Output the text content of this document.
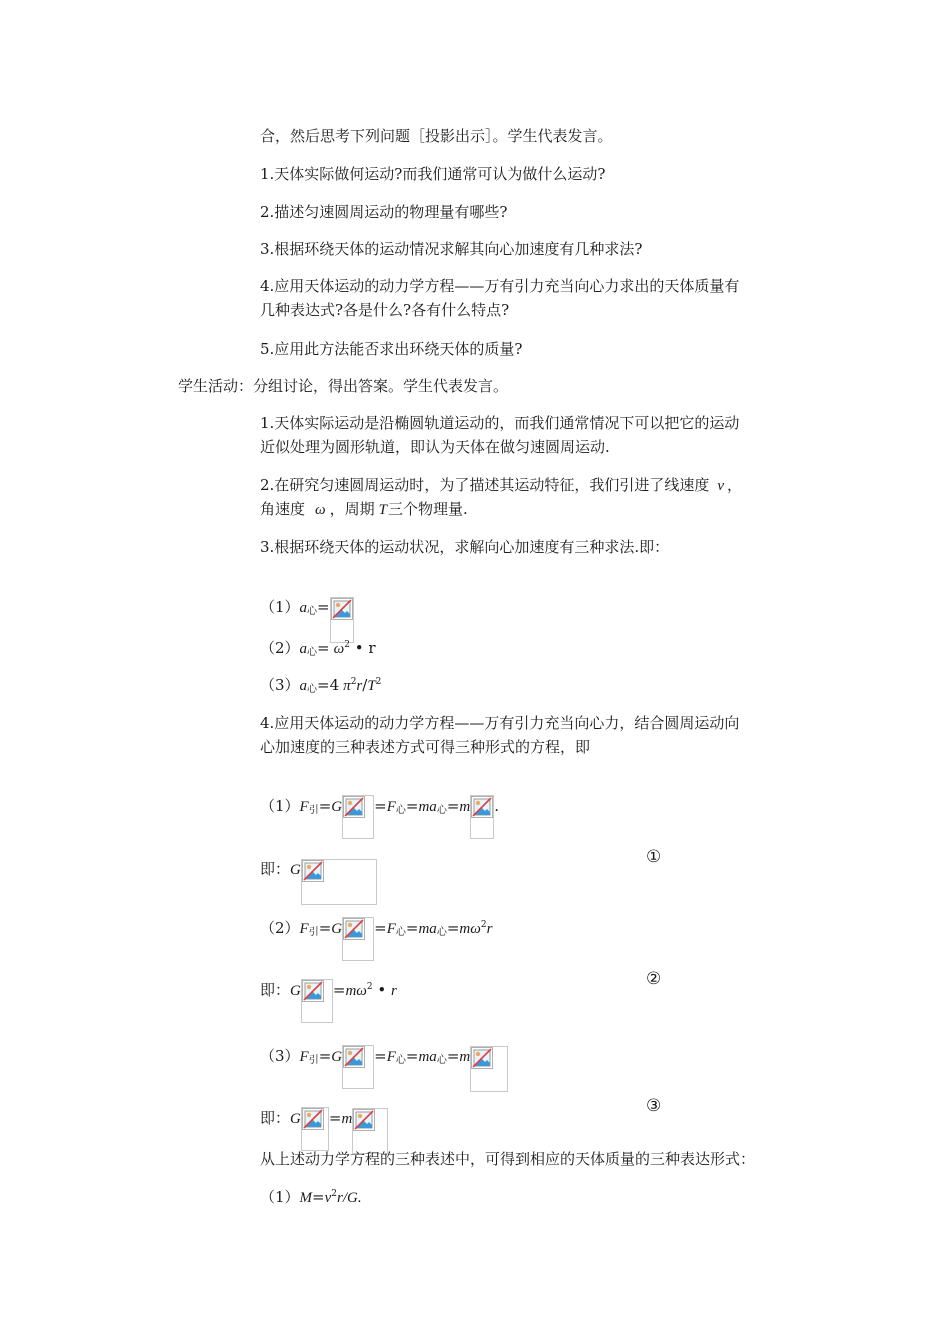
合，然后思考下列问题［投影出示］。学生代表发言。
1.天体实际做何运动?而我们通常可认为做什么运动?
2.描述匀速圆周运动的物理量有哪些?
3.根据环绕天体的运动情况求解其向心加速度有几种求法?
4.应用天体运动的动力学方程——万有引力充当向心力求出的天体质量有
几种表达式?各是什么?各有什么特点?
5.应用此方法能否求出环绕天体的质量?
学生活动：分组讨论，得出答案。学生代表发言。
1.天体实际运动是沿椭圆轨道运动的，而我们通常情况下可以把它的运动
近似处理为圆形轨道，即认为天体在做匀速圆周运动.
2.在研究匀速圆周运动时，为了描述其运动特征，我们引进了线速度 v ，
角速度 ω ，周期 T三个物理量.
3.根据环绕天体的运动状况，求解向心加速度有三种求法.即：
（1）a心=
（2）a心= $\omega^2$ • r
（3）a心=4 $\pi^2r/T^2$
4.应用天体运动的动力学方程——万有引力充当向心力，结合圆周运动向
心加速度的三种表述方式可得三种形式的方程，即
（1）F引=G =F心=ma心=m .
即：G
①
（2）F引=G =F心=ma心$=m\omega^2r$
即：$G =m\omega^2$ • r
②
（3）F引=G =F心=ma心=m
即：G =m
③
从上述动力学方程的三种表述中，可得到相应的天体质量的三种表达形式：
$(1)M=v^2r/G$.
